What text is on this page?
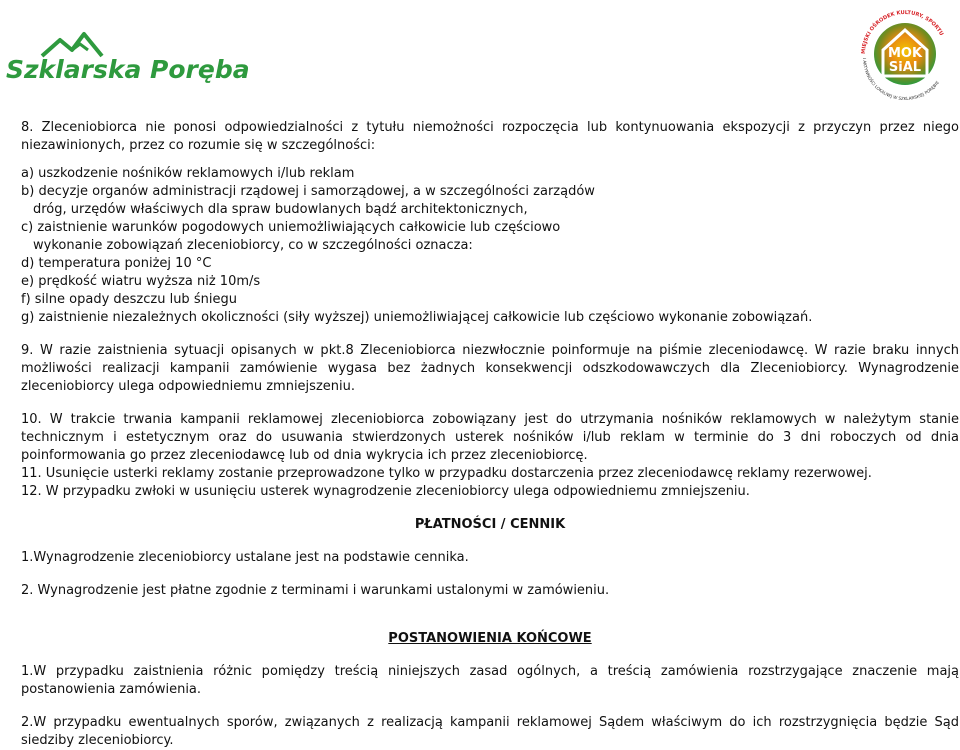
Szklarska Poręba
MOK
SiAL
MIEJSKI OŚRODEK KULTURY, SPORTU
I AKTYWNOŚCI LOKALNEJ W SZKLARSKIEJ PORĘBIE

8. Zleceniobiorca nie ponosi odpowiedzialności z tytułu niemożności rozpoczęcia lub kontynuowania ekspozycji z przyczyn przez niego niezawinionych, przez co rozumie się w szczególności:

a) uszkodzenie nośników reklamowych i/lub reklam

b) decyzje organów administracji rządowej i samorządowej, a w szczególności zarządów

dróg, urzędów właściwych dla spraw budowlanych bądź architektonicznych,

c) zaistnienie warunków pogodowych uniemożliwiających całkowicie lub częściowo

wykonanie zobowiązań zleceniobiorcy, co w szczególności oznacza:

d) temperatura poniżej 10 °C

e) prędkość wiatru wyższa niż 10m/s

f) silne opady deszczu lub śniegu

g) zaistnienie niezależnych okoliczności (siły wyższej) uniemożliwiającej całkowicie lub częściowo wykonanie zobowiązań.

9. W razie zaistnienia sytuacji opisanych w pkt.8 Zleceniobiorca niezwłocznie poinformuje na piśmie zleceniodawcę. W razie braku innych możliwości realizacji kampanii zamówienie wygasa bez żadnych konsekwencji odszkodowawczych dla Zleceniobiorcy. Wynagrodzenie zleceniobiorcy ulega odpowiedniemu zmniejszeniu.

10. W trakcie trwania kampanii reklamowej zleceniobiorca zobowiązany jest do utrzymania nośników reklamowych w należytym stanie technicznym i estetycznym oraz do usuwania stwierdzonych usterek nośników i/lub reklam w terminie do 3 dni roboczych od dnia poinformowania go przez zleceniodawcę lub od dnia wykrycia ich przez zleceniobiorcę.

11. Usunięcie usterki reklamy zostanie przeprowadzone tylko w przypadku dostarczenia przez zleceniodawcę reklamy rezerwowej.

12. W przypadku zwłoki w usunięciu usterek wynagrodzenie zleceniobiorcy ulega odpowiedniemu zmniejszeniu.

PŁATNOŚCI / CENNIK

1.Wynagrodzenie zleceniobiorcy ustalane jest na podstawie cennika.

2. Wynagrodzenie jest płatne zgodnie z terminami i warunkami ustalonymi w zamówieniu.

POSTANOWIENIA KOŃCOWE

1.W przypadku zaistnienia różnic pomiędzy treścią niniejszych zasad ogólnych, a treścią zamówienia rozstrzygające znaczenie mają postanowienia zamówienia.

2.W przypadku ewentualnych sporów, związanych z realizacją kampanii reklamowej Sądem właściwym do ich rozstrzygnięcia będzie Sąd siedziby zleceniobiorcy.
